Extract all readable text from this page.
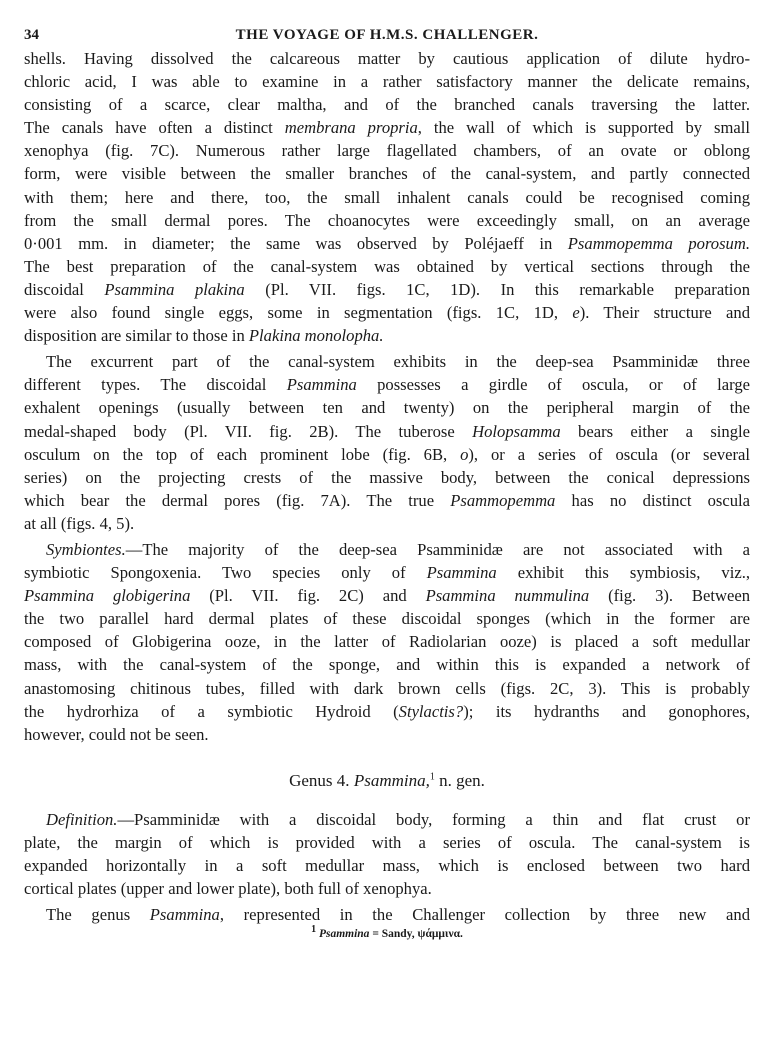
34	THE VOYAGE OF H.M.S. CHALLENGER.
shells. Having dissolved the calcareous matter by cautious application of dilute hydro-
chloric acid, I was able to examine in a rather satisfactory manner the delicate remains,
consisting of a scarce, clear maltha, and of the branched canals traversing the latter.
The canals have often a distinct membrana propria, the wall of which is supported by small
xenophya (fig. 7C). Numerous rather large flagellated chambers, of an ovate or oblong
form, were visible between the smaller branches of the canal-system, and partly connected
with them; here and there, too, the small inhalent canals could be recognised coming
from the small dermal pores. The choanocytes were exceedingly small, on an average
0·001 mm. in diameter; the same was observed by Poléjaeff in Psammopemma porosum.
The best preparation of the canal-system was obtained by vertical sections through the
discoidal Psammina plakina (Pl. VII. figs. 1C, 1D). In this remarkable preparation
were also found single eggs, some in segmentation (figs. 1C, 1D, e). Their structure and
disposition are similar to those in Plakina monolopha.
The excurrent part of the canal-system exhibits in the deep-sea Psamminidæ three
different types. The discoidal Psammina possesses a girdle of oscula, or of large
exhalent openings (usually between ten and twenty) on the peripheral margin of the
medal-shaped body (Pl. VII. fig. 2B). The tuberose Holopsamma bears either a single
osculum on the top of each prominent lobe (fig. 6B, o), or a series of oscula (or several
series) on the projecting crests of the massive body, between the conical depressions
which bear the dermal pores (fig. 7A). The true Psammopemma has no distinct oscula
at all (figs. 4, 5).
Symbiontes.—The majority of the deep-sea Psamminidæ are not associated with a
symbiotic Spongoxenia. Two species only of Psammina exhibit this symbiosis, viz.,
Psammina globigerina (Pl. VII. fig. 2C) and Psammina nummulina (fig. 3). Between
the two parallel hard dermal plates of these discoidal sponges (which in the former are
composed of Globigerina ooze, in the latter of Radiolarian ooze) is placed a soft medullar
mass, with the canal-system of the sponge, and within this is expanded a network of
anastomosing chitinous tubes, filled with dark brown cells (figs. 2C, 3). This is probably
the hydrorhiza of a symbiotic Hydroid (Stylactis?); its hydranths and gonophores,
however, could not be seen.
Genus 4. Psammina,$^1$ n. gen.
Definition.—Psamminidæ with a discoidal body, forming a thin and flat crust or
plate, the margin of which is provided with a series of oscula. The canal-system is
expanded horizontally in a soft medullar mass, which is enclosed between two hard
cortical plates (upper and lower plate), both full of xenophya.
The genus Psammina, represented in the Challenger collection by three new and
$^1$ Psammina = Sandy, ψάμμινα.
